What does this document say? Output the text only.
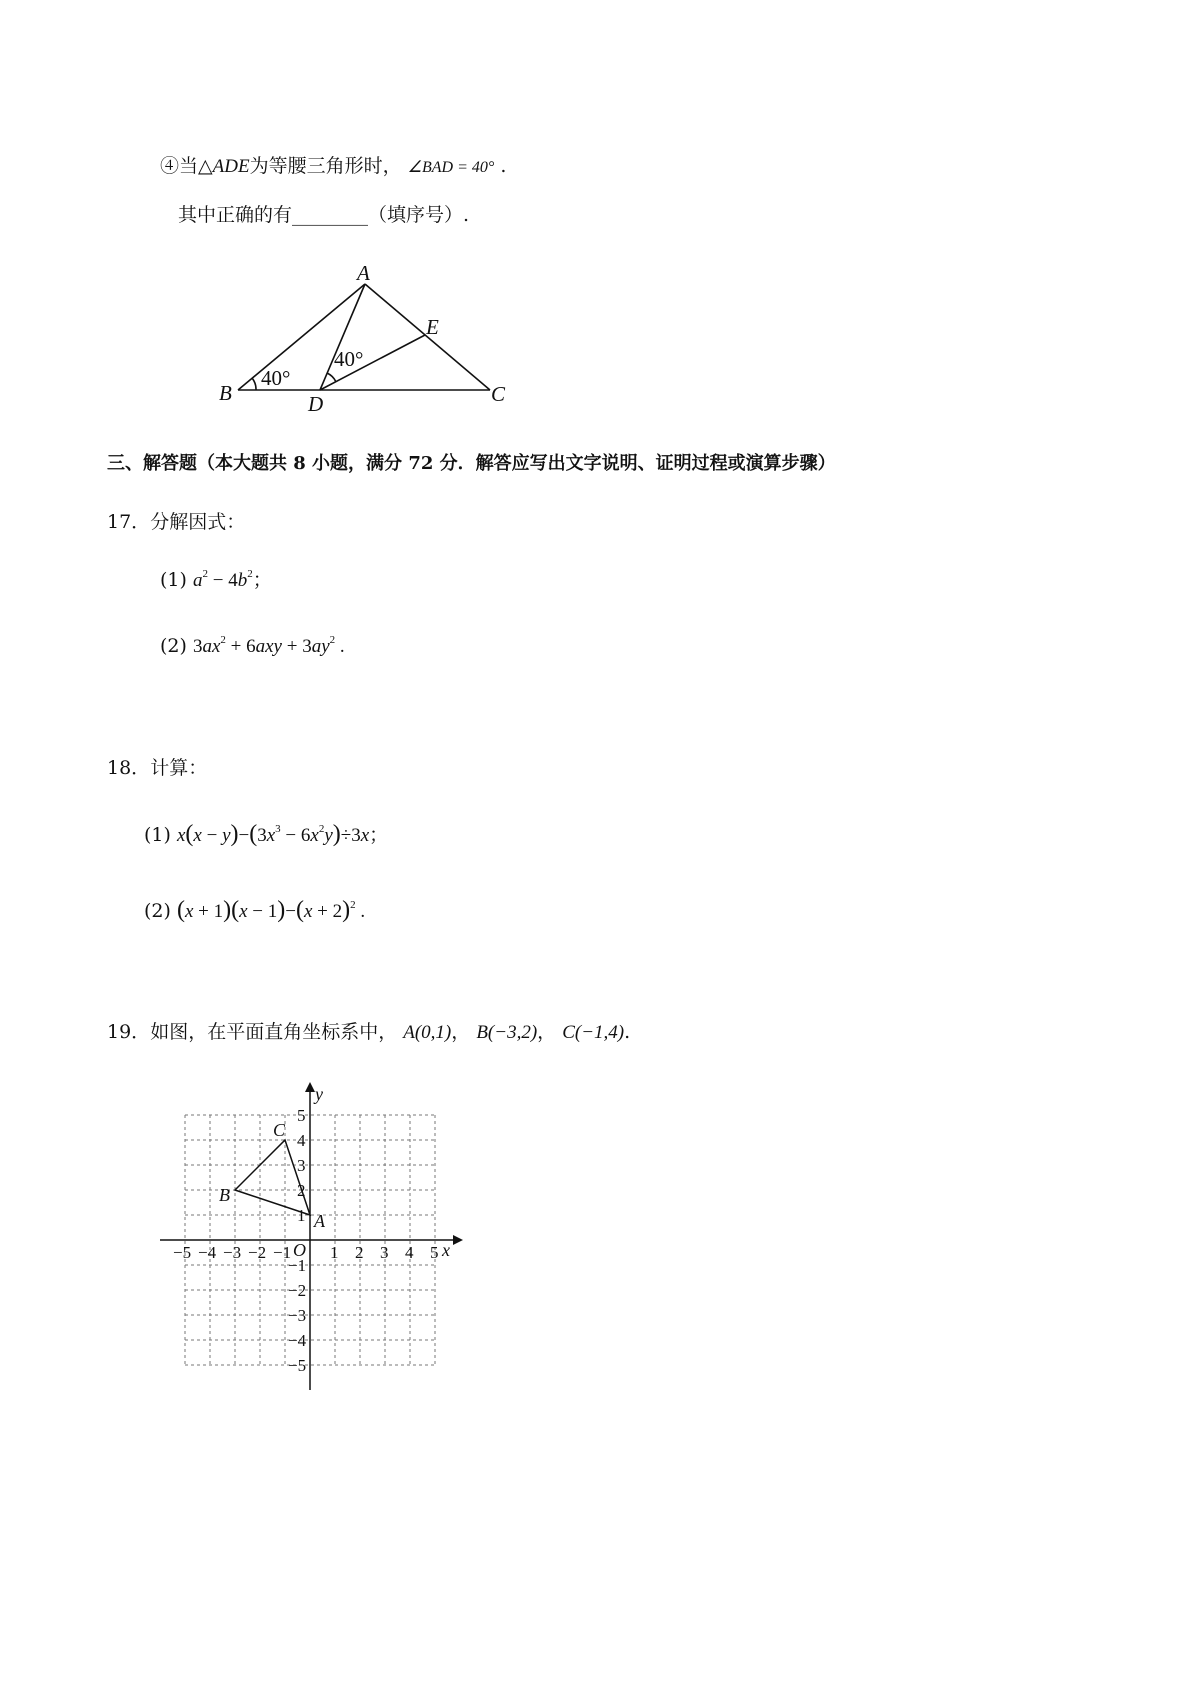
④当△ADE为等腰三角形时， ∠BAD = 40° .
其中正确的有________（填序号）.
A
B	C
D
E
40°
40°
三、解答题（本大题共 8 小题，满分 72 分．解答应写出文字说明、证明过程或演算步骤）
17．分解因式：
(1) $a^2 - 4b^2$；
(2) $3ax^2 + 6axy + 3ay^2$ .
18．计算：
(1) $x(x - y)-(3x^3 - 6x^2y)\div 3x$；
(2) $(x + 1)(x - 1)-(x + 2)^2$ .
19．如图，在平面直角坐标系中， A(0,1)， B(−3,2)， C(−1,4).
−5 −4 −3 −2 −1 1 2 3 4 5
5
4
3
2
1
−1
−2
−3
−4
−5
x
y
O
A
B
C
